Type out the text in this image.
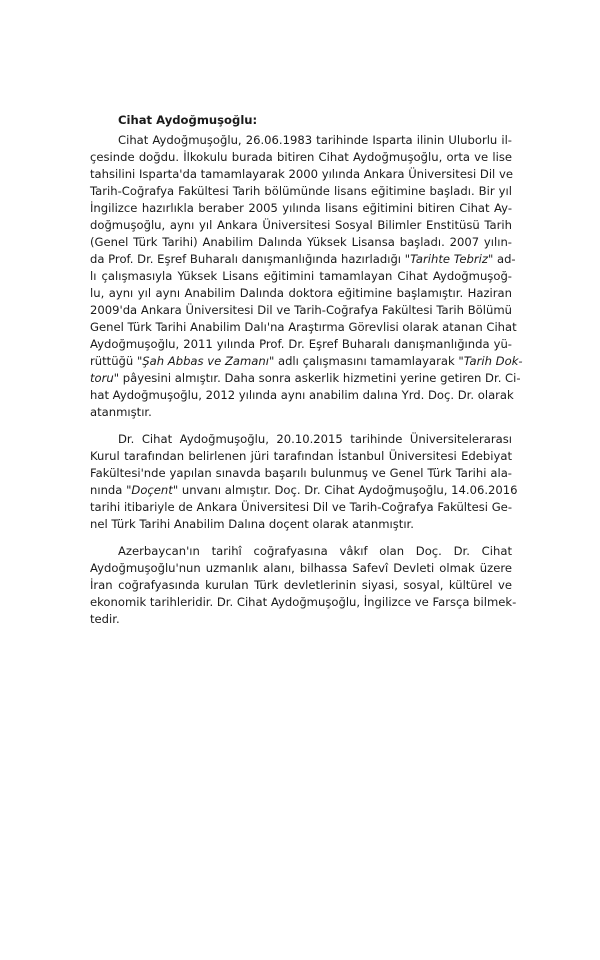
Cihat Aydoğmuşoğlu:
Cihat Aydoğmuşoğlu, 26.06.1983 tarihinde Isparta ilinin Uluborlu il-
çesinde doğdu. İlkokulu burada bitiren Cihat Aydoğmuşoğlu, orta ve lise
tahsilini Isparta'da tamamlayarak 2000 yılında Ankara Üniversitesi Dil ve
Tarih-Coğrafya Fakültesi Tarih bölümünde lisans eğitimine başladı. Bir yıl
İngilizce hazırlıkla beraber 2005 yılında lisans eğitimini bitiren Cihat Ay-
doğmuşoğlu, aynı yıl Ankara Üniversitesi Sosyal Bilimler Enstitüsü Tarih
(Genel Türk Tarihi) Anabilim Dalında Yüksek Lisansa başladı. 2007 yılın-
da Prof. Dr. Eşref Buharalı danışmanlığında hazırladığı "Tarihte Tebriz" ad-
lı çalışmasıyla Yüksek Lisans eğitimini tamamlayan Cihat Aydoğmuşoğ-
lu, aynı yıl aynı Anabilim Dalında doktora eğitimine başlamıştır. Haziran
2009'da Ankara Üniversitesi Dil ve Tarih-Coğrafya Fakültesi Tarih Bölümü
Genel Türk Tarihi Anabilim Dalı'na Araştırma Görevlisi olarak atanan Cihat
Aydoğmuşoğlu, 2011 yılında Prof. Dr. Eşref Buharalı danışmanlığında yü-
rüttüğü "Şah Abbas ve Zamanı" adlı çalışmasını tamamlayarak "Tarih Dok-
toru" pâyesini almıştır. Daha sonra askerlik hizmetini yerine getiren Dr. Ci-
hat Aydoğmuşoğlu, 2012 yılında aynı anabilim dalına Yrd. Doç. Dr. olarak
atanmıştır.
Dr. Cihat Aydoğmuşoğlu, 20.10.2015 tarihinde Üniversitelerarası
Kurul tarafından belirlenen jüri tarafından İstanbul Üniversitesi Edebiyat
Fakültesi'nde yapılan sınavda başarılı bulunmuş ve Genel Türk Tarihi ala-
nında "Doçent" unvanı almıştır. Doç. Dr. Cihat Aydoğmuşoğlu, 14.06.2016
tarihi itibariyle de Ankara Üniversitesi Dil ve Tarih-Coğrafya Fakültesi Ge-
nel Türk Tarihi Anabilim Dalına doçent olarak atanmıştır.
Azerbaycan'ın tarihî coğrafyasına vâkıf olan Doç. Dr. Cihat
Aydoğmuşoğlu'nun uzmanlık alanı, bilhassa Safevî Devleti olmak üzere
İran coğrafyasında kurulan Türk devletlerinin siyasi, sosyal, kültürel ve
ekonomik tarihleridir. Dr. Cihat Aydoğmuşoğlu, İngilizce ve Farsça bilmek-
tedir.
